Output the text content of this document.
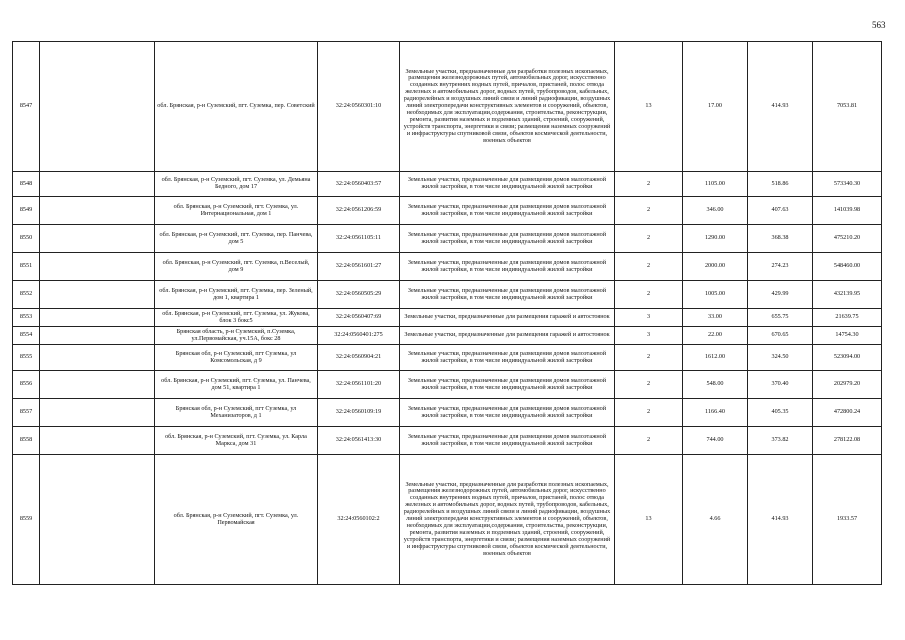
563
8547		обл. Брянская, р-н Суземский, пгт. Суземка, пер. Советский	32:24:0560301:10	Земельные участки, предназначенные для разработки полезных ископаемых, размещения железнодорожных путей, автомобильных дорог, искусственно созданных внутренних водных путей, причалов, пристаней, полос отвода железных и автомобильных дорог, водных путей, трубопроводов, кабельных, радиорелейных и воздушных линий связи и линий радиофикации, воздушных линий электропередачи конструктивных элементов и сооружений, объектов, необходимых для эксплуатации,содержания, строительства, реконструкции, ремонта, развития наземных и подземных зданий, строений, сооружений, устройств транспорта, энергетики и связи; размещения наземных сооружений и инфраструктуры спутниковой связи, объектов космической деятельности, военных объектов	13	17.00	414.93	7053.81
8548		обл. Брянская, р-н Суземский, пгт. Суземка, ул. Демьяна Бедного, дом 17	32:24:0560403:57	Земельные участки, предназначенные для размещения домов малоэтажной жилой застройки, в том числе индивидуальной жилой застройки	2	1105.00	518.86	573340.30
8549		обл. Брянская, р-н Суземский, пгт. Суземка, ул. Интернациональная, дом 1	32:24:0561206:59	Земельные участки, предназначенные для размещения домов малоэтажной жилой застройки, в том числе индивидуальной жилой застройки	2	346.00	407.63	141039.98
8550		обл. Брянская, р-н Суземский, пгт. Суземка, пер. Панчева, дом 5	32:24:0561105:11	Земельные участки, предназначенные для размещения домов малоэтажной жилой застройки, в том числе индивидуальной жилой застройки	2	1290.00	368.38	475210.20
8551		обл. Брянская, р-н Суземский, пгт. Суземка, п.Веселый, дом 9	32:24:0561601:27	Земельные участки, предназначенные для размещения домов малоэтажной жилой застройки, в том числе индивидуальной жилой застройки	2	2000.00	274.23	548460.00
8552		обл. Брянская, р-н Суземский, пгт. Суземка, пер. Зеленый, дом 1, квартира 1	32:24:0560505:29	Земельные участки, предназначенные для размещения домов малоэтажной жилой застройки, в том числе индивидуальной жилой застройки	2	1005.00	429.99	432139.95
8553		обл. Брянская, р-н Суземский, пгт. Суземка, ул. Жукова, блок 3 бокс5	32:24:0560407:69	Земельные участки, предназначенные для размещения гаражей и автостоянок	3	33.00	655.75	21639.75
8554		Брянская область, р-н Суземский, п.Суземка, ул.Первомайская, уч.15А, бокс 28	32:24:0560401:275	Земельные участки, предназначенные для размещения гаражей и автостоянок	3	22.00	670.65	14754.30
8555		Брянская обл, р-н Суземский, пгт Суземка, ул Комсомольская, д 9	32:24:0560904:21	Земельные участки, предназначенные для размещения домов малоэтажной жилой застройки, в том числе индивидуальной жилой застройки	2	1612.00	324.50	523094.00
8556		обл. Брянская, р-н Суземский, пгт. Суземка, ул. Панчева, дом 51, квартира 1	32:24:0561101:20	Земельные участки, предназначенные для размещения домов малоэтажной жилой застройки, в том числе индивидуальной жилой застройки	2	548.00	370.40	202979.20
8557		Брянская обл, р-н Суземский, пгт Суземка, ул Механизаторов, д 1	32:24:0560109:19	Земельные участки, предназначенные для размещения домов малоэтажной жилой застройки, в том числе индивидуальной жилой застройки	2	1166.40	405.35	472800.24
8558		обл. Брянская, р-н Суземский, пгт. Суземка, ул. Карла Маркса, дом 31	32:24:0561413:30	Земельные участки, предназначенные для размещения домов малоэтажной жилой застройки, в том числе индивидуальной жилой застройки	2	744.00	373.82	278122.08
8559		обл. Брянская, р-н Суземский, пгт. Суземка, ул. Первомайская	32:24:0560102:2	Земельные участки, предназначенные для разработки полезных ископаемых, размещения железнодорожных путей, автомобильных дорог, искусственно созданных внутренних водных путей, причалов, пристаней, полос отвода железных и автомобильных дорог, водных путей, трубопроводов, кабельных, радиорелейных и воздушных линий связи и линий радиофикации, воздушных линий электропередачи конструктивных элементов и сооружений, объектов, необходимых для эксплуатации,содержания, строительства, реконструкции, ремонта, развития наземных и подземных зданий, строений, сооружений, устройств транспорта, энергетики и связи; размещения наземных сооружений и инфраструктуры спутниковой связи, объектов космической деятельности, военных объектов	13	4.66	414.93	1933.57
